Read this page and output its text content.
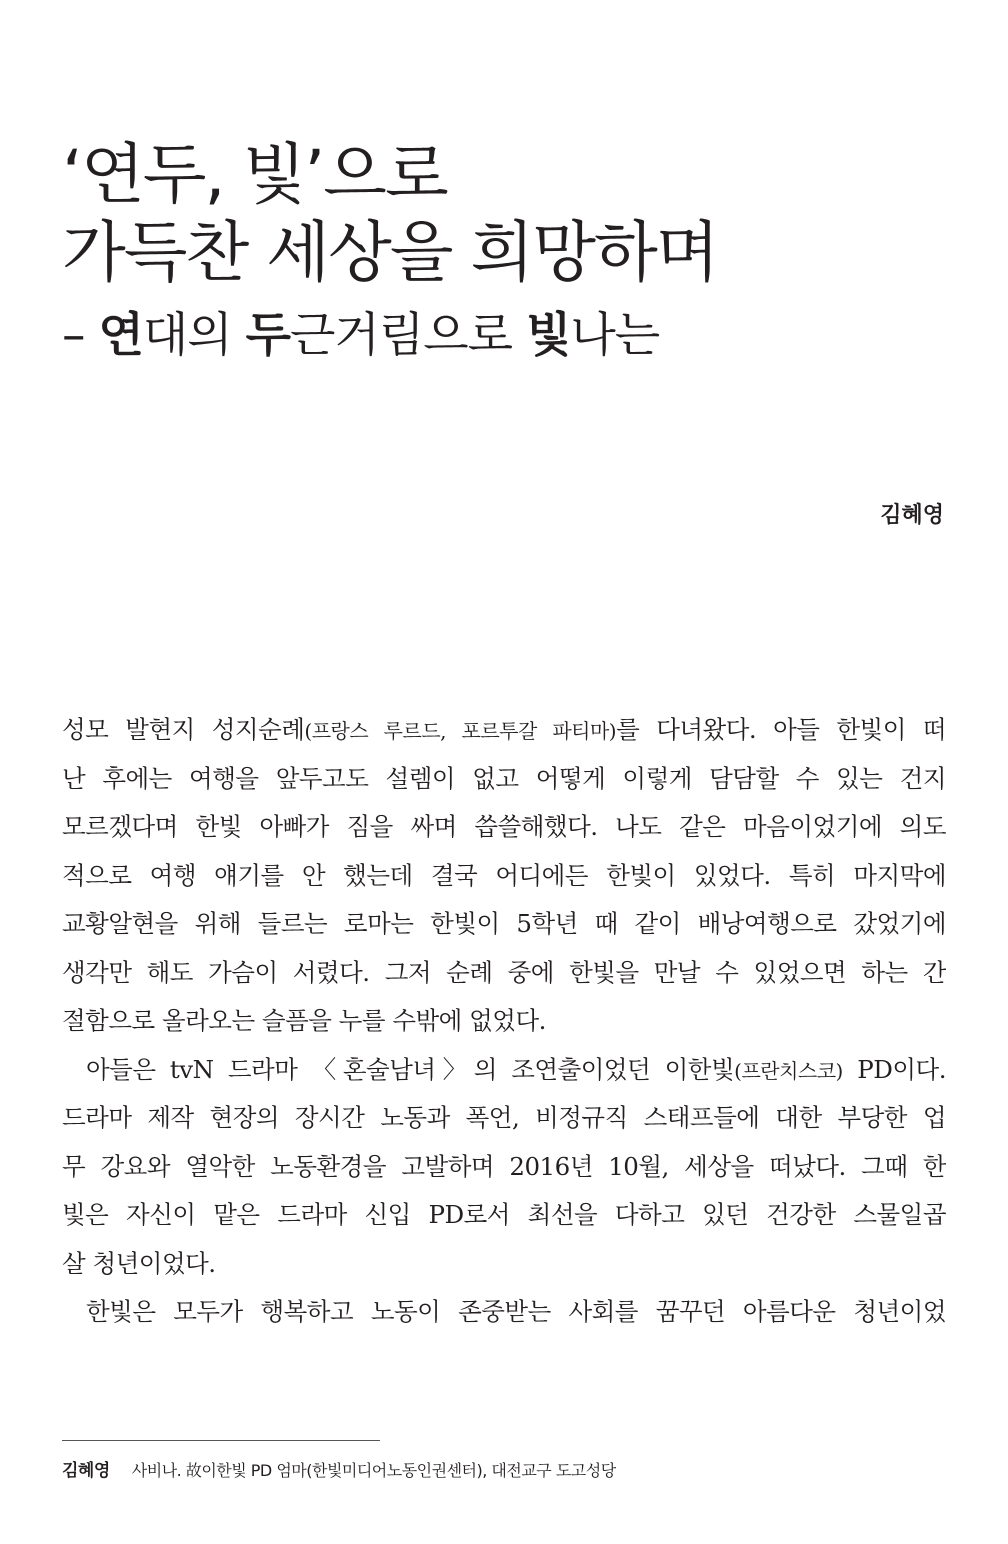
‘연두, 빛’으로
가득찬 세상을 희망하며
– 연대의 두근거림으로 빛나는
김혜영
성모 발현지 성지순례(프랑스 루르드, 포르투갈 파티마)를 다녀왔다. 아들 한빛이 떠
난 후에는 여행을 앞두고도 설렘이 없고 어떻게 이렇게 담담할 수 있는 건지
모르겠다며 한빛 아빠가 짐을 싸며 씁쓸해했다. 나도 같은 마음이었기에 의도
적으로 여행 얘기를 안 했는데 결국 어디에든 한빛이 있었다. 특히 마지막에
교황알현을 위해 들르는 로마는 한빛이 5학년 때 같이 배낭여행으로 갔었기에
생각만 해도 가슴이 서렸다. 그저 순례 중에 한빛을 만날 수 있었으면 하는 간
절함으로 올라오는 슬픔을 누를 수밖에 없었다.
아들은 tvN 드라마 〈혼술남녀〉의 조연출이었던 이한빛(프란치스코) PD이다.
드라마 제작 현장의 장시간 노동과 폭언, 비정규직 스태프들에 대한 부당한 업
무 강요와 열악한 노동환경을 고발하며 2016년 10월, 세상을 떠났다. 그때 한
빛은 자신이 맡은 드라마 신입 PD로서 최선을 다하고 있던 건강한 스물일곱
살 청년이었다.
한빛은 모두가 행복하고 노동이 존중받는 사회를 꿈꾸던 아름다운 청년이었
김혜영 사비나. 故이한빛 PD 엄마(한빛미디어노동인권센터), 대전교구 도고성당
